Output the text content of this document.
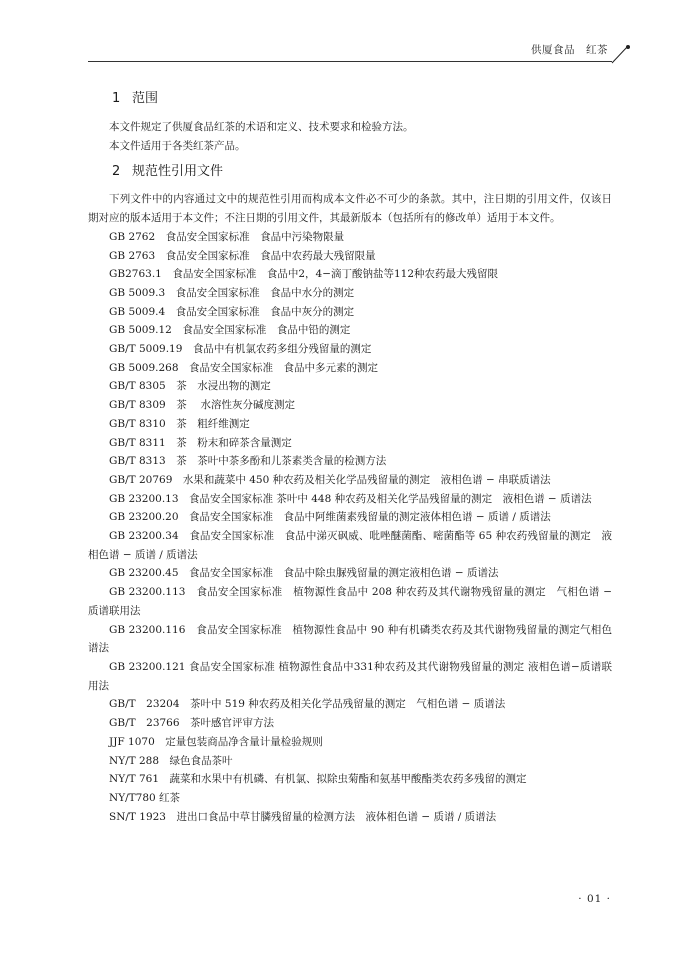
供厦食品　红茶
1 范围

本文件规定了供厦食品红茶的术语和定义、技术要求和检验方法。

本文件适用于各类红茶产品。

2 规范性引用文件

下列文件中的内容通过文中的规范性引用而构成本文件必不可少的条款。其中，注日期的引用文件，仅该日期对应的版本适用于本文件；不注日期的引用文件，其最新版本（包括所有的修改单）适用于本文件。

GB 2762　食品安全国家标准　食品中污染物限量

GB 2763　食品安全国家标准　食品中农药最大残留限量

GB2763.1　食品安全国家标准　食品中2，4−滴丁酸钠盐等112种农药最大残留限

GB 5009.3　食品安全国家标准　食品中水分的测定

GB 5009.4　食品安全国家标准　食品中灰分的测定

GB 5009.12　食品安全国家标准　食品中铅的测定

GB/T 5009.19　食品中有机氯农药多组分残留量的测定

GB 5009.268　食品安全国家标准　食品中多元素的测定

GB/T 8305　茶　水浸出物的测定

GB/T 8309　茶　 水溶性灰分碱度测定

GB/T 8310　茶　粗纤维测定

GB/T 8311　茶　粉末和碎茶含量测定

GB/T 8313　茶　茶叶中茶多酚和儿茶素类含量的检测方法

GB/T 20769　水果和蔬菜中 450 种农药及相关化学品残留量的测定　液相色谱 − 串联质谱法

GB 23200.13　食品安全国家标准 茶叶中 448 种农药及相关化学品残留量的测定　液相色谱 − 质谱法

GB 23200.20　食品安全国家标准　食品中阿维菌素残留量的测定液体相色谱 − 质谱 / 质谱法

GB 23200.34　食品安全国家标准　食品中涕灭砜威、吡唑醚菌酯、嘧菌酯等 65 种农药残留量的测定　液相色谱 − 质谱 / 质谱法

GB 23200.45　食品安全国家标准　食品中除虫脲残留量的测定液相色谱 − 质谱法

GB 23200.113　食品安全国家标准　植物源性食品中 208 种农药及其代谢物残留量的测定　气相色谱 − 质谱联用法

GB 23200.116　食品安全国家标准　植物源性食品中 90 种有机磷类农药及其代谢物残留量的测定气相色谱法

GB 23200.121 食品安全国家标准 植物源性食品中331种农药及其代谢物残留量的测定 液相色谱−质谱联用法

GB/T　23204　茶叶中 519 种农药及相关化学品残留量的测定　气相色谱 − 质谱法

GB/T　23766　茶叶感官评审方法

JJF 1070　定量包装商品净含量计量检验规则

NY/T 288　绿色食品茶叶

NY/T 761　蔬菜和水果中有机磷、有机氯、拟除虫菊酯和氨基甲酸酯类农药多残留的测定

NY/T780 红茶

SN/T 1923　进出口食品中草甘膦残留量的检测方法　液体相色谱 − 质谱 / 质谱法

· 01 ·
